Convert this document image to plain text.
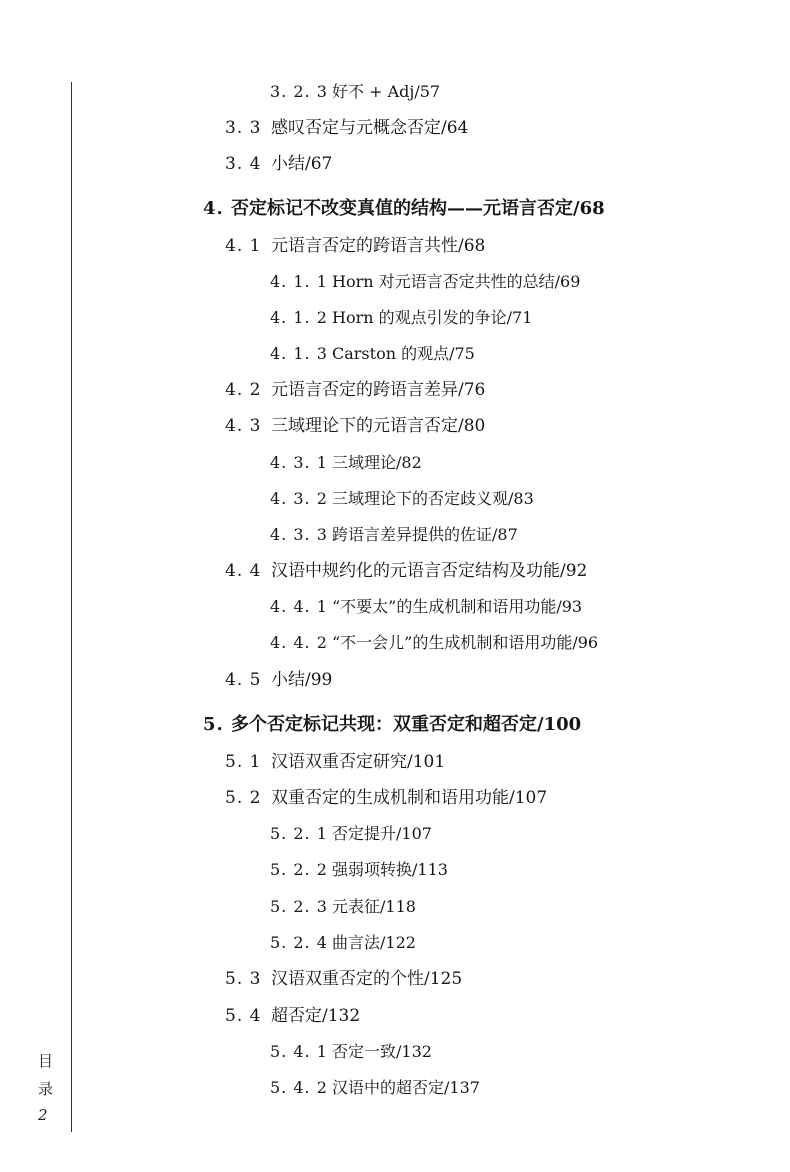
目
录
2
3. 2. 3 好不 + Adj/57
3. 3 感叹否定与元概念否定/64
3. 4 小结/67
4. 否定标记不改变真值的结构——元语言否定/68
4. 1 元语言否定的跨语言共性/68
4. 1. 1 Horn 对元语言否定共性的总结/69
4. 1. 2 Horn 的观点引发的争论/71
4. 1. 3 Carston 的观点/75
4. 2 元语言否定的跨语言差异/76
4. 3 三域理论下的元语言否定/80
4. 3. 1 三域理论/82
4. 3. 2 三域理论下的否定歧义观/83
4. 3. 3 跨语言差异提供的佐证/87
4. 4 汉语中规约化的元语言否定结构及功能/92
4. 4. 1 “不要太”的生成机制和语用功能/93
4. 4. 2 “不一会儿”的生成机制和语用功能/96
4. 5 小结/99
5. 多个否定标记共现：双重否定和超否定/100
5. 1 汉语双重否定研究/101
5. 2 双重否定的生成机制和语用功能/107
5. 2. 1 否定提升/107
5. 2. 2 强弱项转换/113
5. 2. 3 元表征/118
5. 2. 4 曲言法/122
5. 3 汉语双重否定的个性/125
5. 4 超否定/132
5. 4. 1 否定一致/132
5. 4. 2 汉语中的超否定/137
